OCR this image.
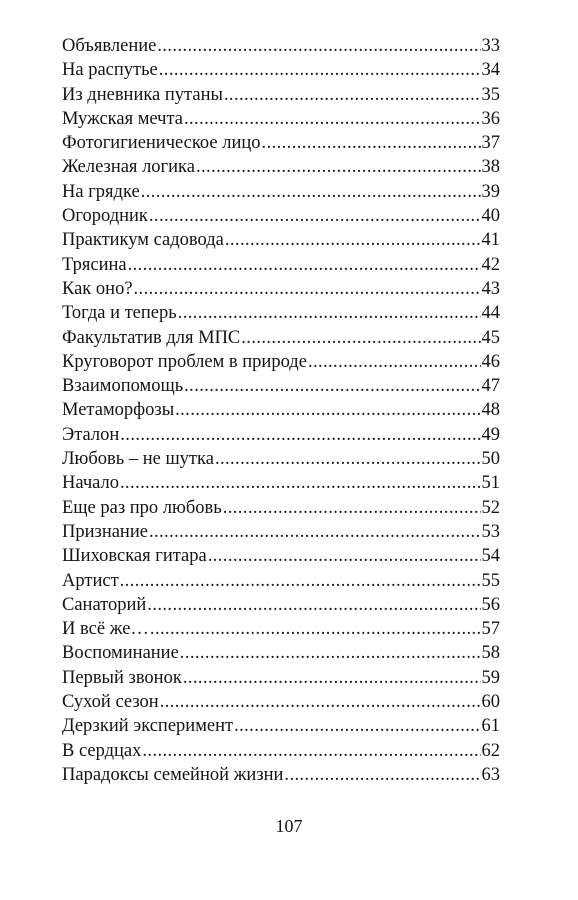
Объявление .....	33
На распутье .....	34
Из дневника путаны .....	35
Мужская мечта .....	36
Фотогигиеническое лицо .....	37
Железная логика .....	38
На грядке .....	39
Огородник .....	40
Практикум садовода .....	41
Трясина .....	42
Как оно? .....	43
Тогда и теперь .....	44
Факультатив для МПС .....	45
Круговорот проблем в природе .....	46
Взаимопомощь .....	47
Метаморфозы .....	48
Эталон .....	49
Любовь – не шутка .....	50
Начало .....	51
Еще раз про любовь .....	52
Признание .....	53
Шиховская гитара .....	54
Артист .....	55
Санаторий .....	56
И всё же… .....	57
Воспоминание .....	58
Первый звонок .....	59
Сухой сезон .....	60
Дерзкий эксперимент .....	61
В сердцах .....	62
Парадоксы семейной жизни .....	63
107
